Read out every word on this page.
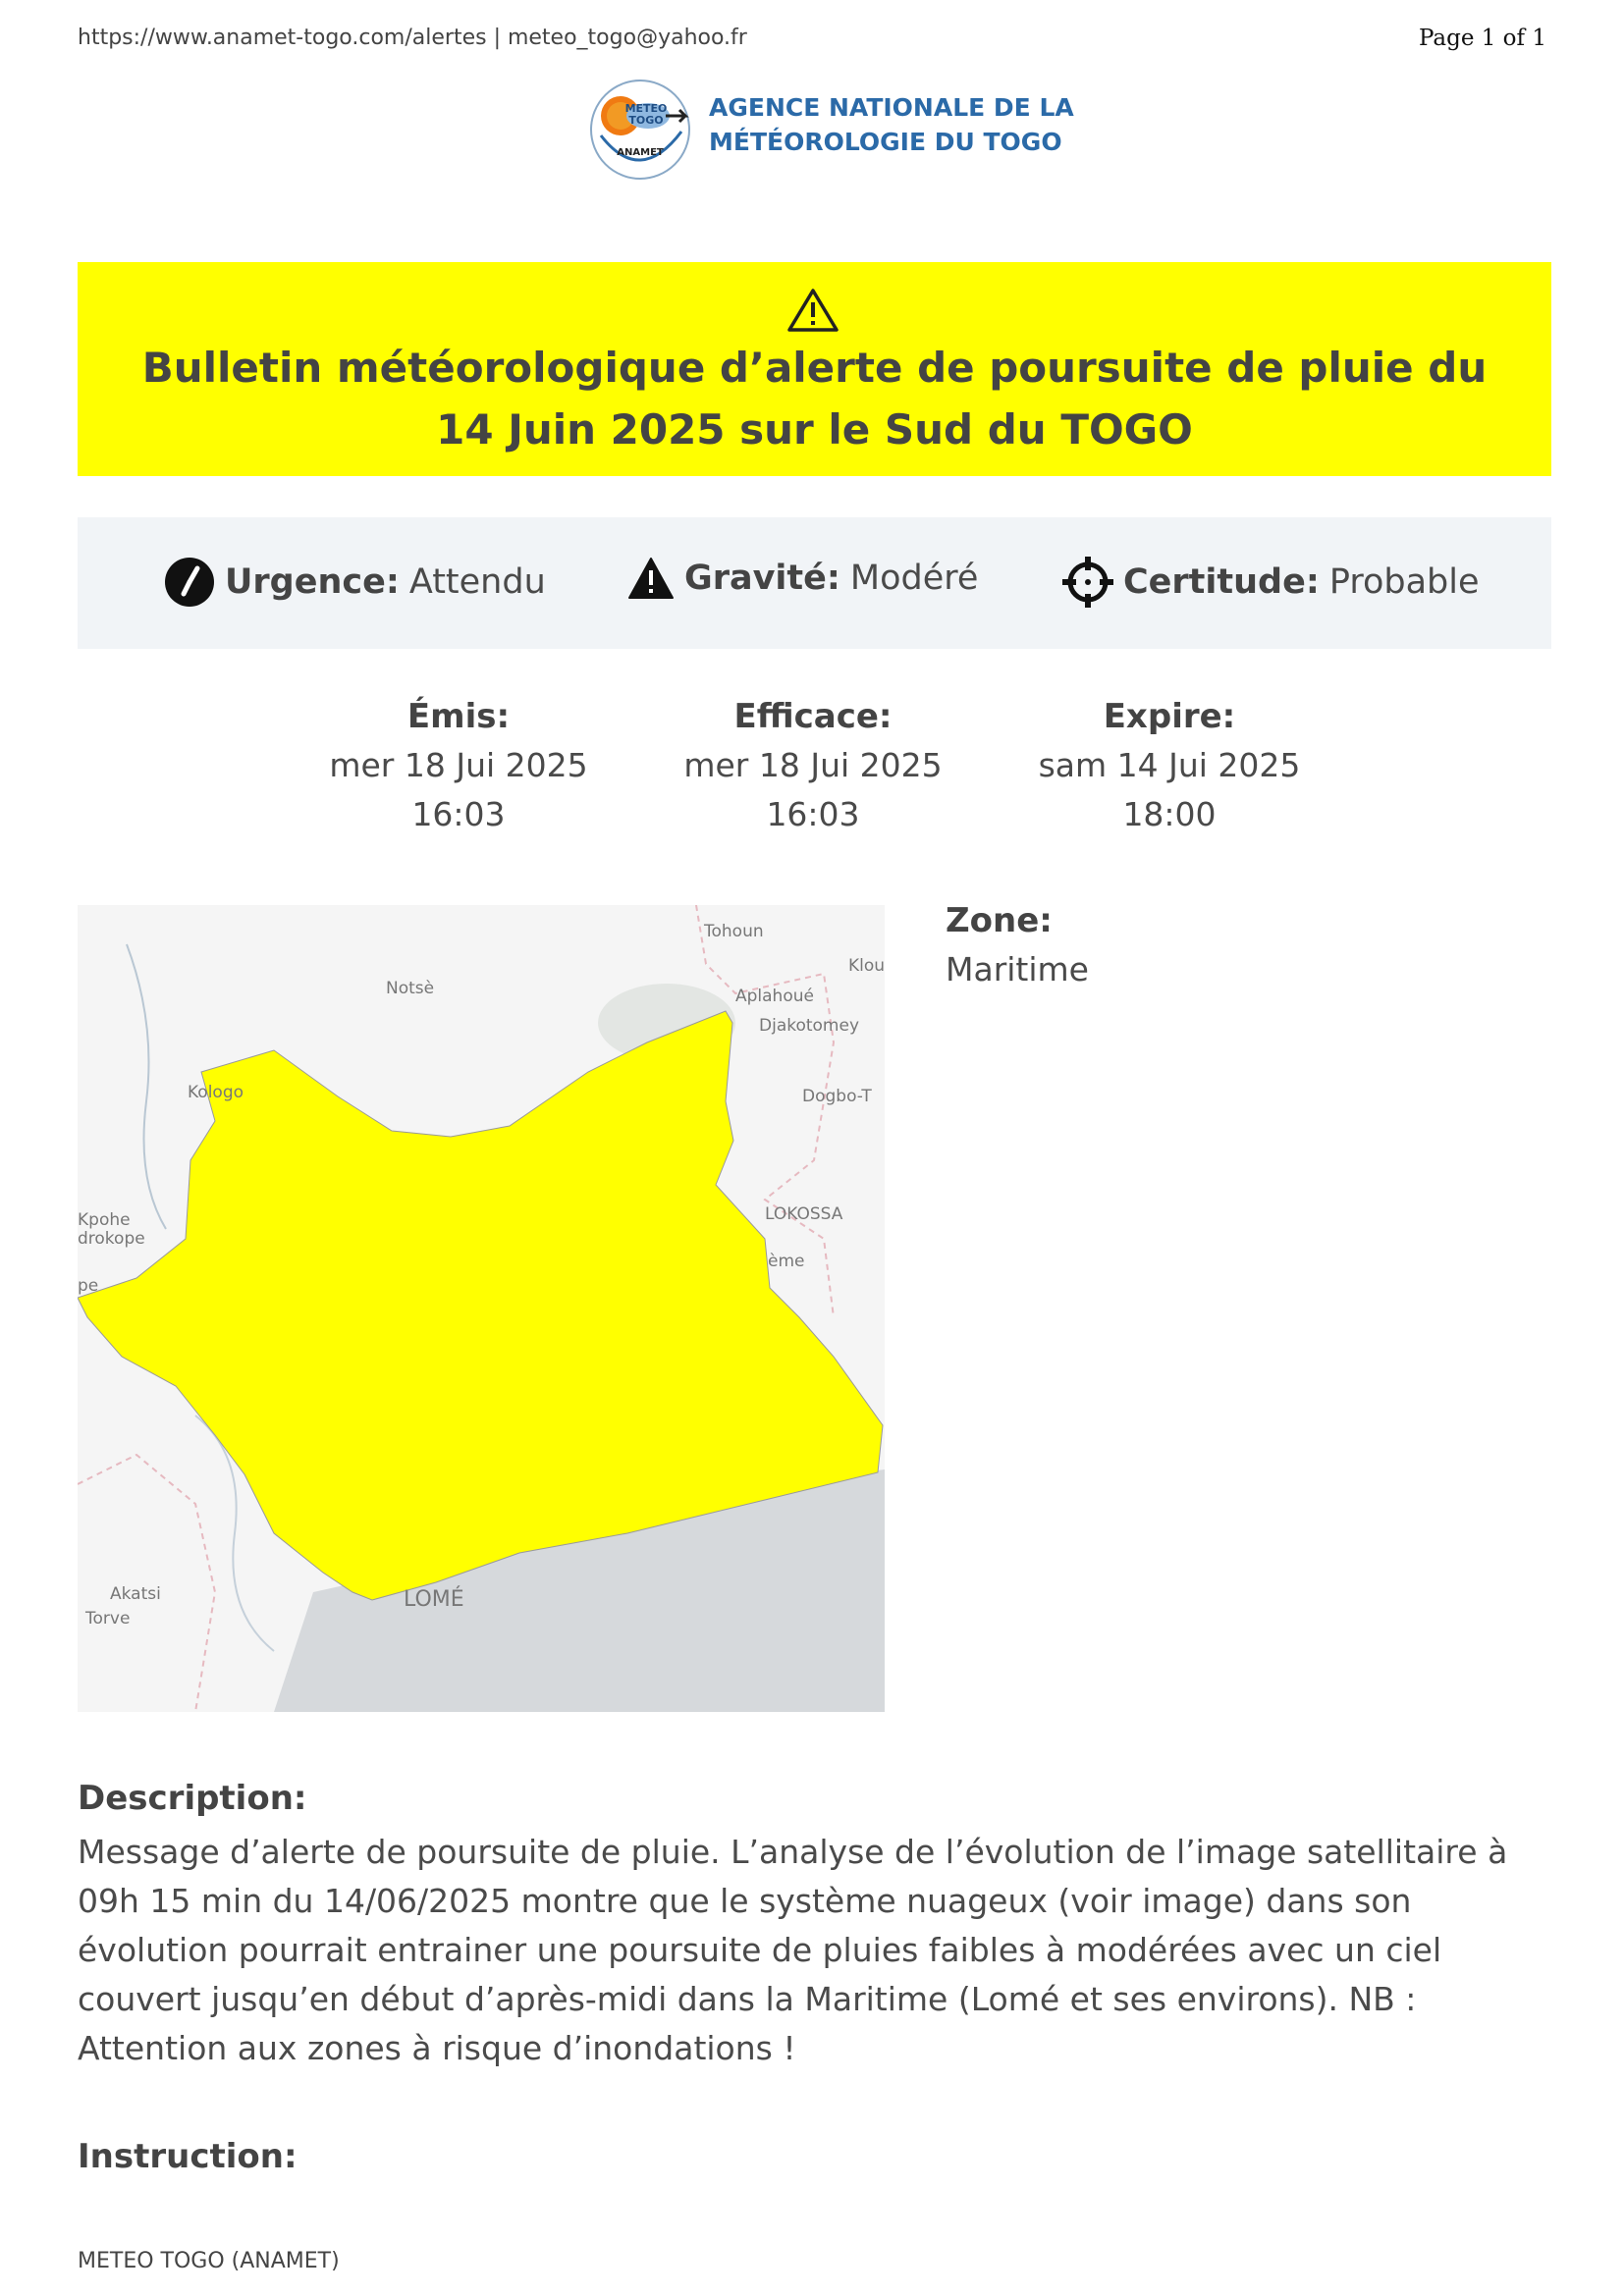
https://www.anamet-togo.com/alertes | meteo_togo@yahoo.fr	Page 1 of 1
METEO
TOGO
ANAMET
AGENCE NATIONALE DE LA
MÉTÉOROLOGIE DU TOGO
Bulletin météorologique d’alerte de poursuite de pluie du
14 Juin 2025 sur le Sud du TOGO
Urgence: Attendu	Gravité: Modéré	Certitude: Probable
Émis:
mer 18 Jui 2025
16:03
Efficace:
mer 18 Jui 2025
16:03
Expire:
sam 14 Jui 2025
18:00
Tohoun
Klou
Notsè	Aplahoué
Djakotomey
Kologo	Dogbo-T
Kpohe
drokope
LOKOSSA
ème
pe
Akatsi
Torve
LOMÉ
Zone:
Maritime
Description:
Message d’alerte de poursuite de pluie. L’analyse de l’évolution de l’image satellitaire à 09h 15 min du 14/06/2025 montre que le système nuageux (voir image) dans son évolution pourrait entrainer une poursuite de pluies faibles à modérées avec un ciel couvert jusqu’en début d’après-midi dans la Maritime (Lomé et ses environs). NB : Attention aux zones à risque d’inondations !
Instruction:
METEO TOGO (ANAMET)
